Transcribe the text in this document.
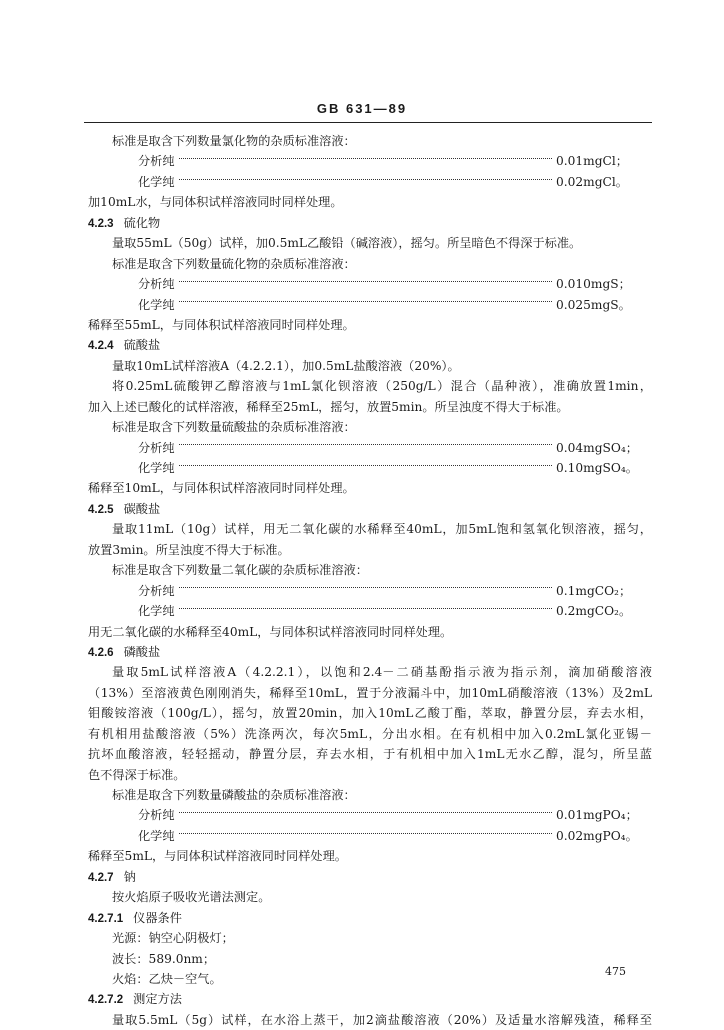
GB 631—89
标准是取含下列数量氯化物的杂质标准溶液：
分析纯	0.01mgCl；
化学纯	0.02mgCl。
加10mL水，与同体积试样溶液同时同样处理。
4.2.3 硫化物
量取55mL（50g）试样，加0.5mL乙酸铅（碱溶液），摇匀。所呈暗色不得深于标准。
标准是取含下列数量硫化物的杂质标准溶液：
分析纯	0.010mgS；
化学纯	0.025mgS。
稀释至55mL，与同体积试样溶液同时同样处理。
4.2.4 硫酸盐
量取10mL试样溶液A（4.2.2.1），加0.5mL盐酸溶液（20%）。
将0.25mL硫酸钾乙醇溶液与1mL氯化钡溶液（250g/L）混合（晶种液），准确放置1min，
加入上述已酸化的试样溶液，稀释至25mL，摇匀，放置5min。所呈浊度不得大于标准。
标准是取含下列数量硫酸盐的杂质标准溶液：
分析纯	0.04mgSO₄；
化学纯	0.10mgSO₄。
稀释至10mL，与同体积试样溶液同时同样处理。
4.2.5 碳酸盐
量取11mL（10g）试样，用无二氧化碳的水稀释至40mL，加5mL饱和氢氧化钡溶液，摇匀，
放置3min。所呈浊度不得大于标准。
标准是取含下列数量二氧化碳的杂质标准溶液：
分析纯	0.1mgCO₂；
化学纯	0.2mgCO₂。
用无二氧化碳的水稀释至40mL，与同体积试样溶液同时同样处理。
4.2.6 磷酸盐
量取5mL试样溶液A（4.2.2.1），以饱和2.4－二硝基酚指示液为指示剂，滴加硝酸溶液
（13%）至溶液黄色刚刚消失，稀释至10mL，置于分液漏斗中，加10mL硝酸溶液（13%）及2mL
钼酸铵溶液（100g/L），摇匀，放置20min，加入10mL乙酸丁酯，萃取，静置分层，弃去水相，
有机相用盐酸溶液（5%）洗涤两次，每次5mL，分出水相。在有机相中加入0.2mL氯化亚锡－
抗坏血酸溶液，轻轻摇动，静置分层，弃去水相，于有机相中加入1mL无水乙醇，混匀，所呈蓝
色不得深于标准。
标准是取含下列数量磷酸盐的杂质标准溶液：
分析纯	0.01mgPO₄；
化学纯	0.02mgPO₄。
稀释至5mL，与同体积试样溶液同时同样处理。
4.2.7 钠
按火焰原子吸收光谱法测定。
4.2.7.1 仪器条件
光源：钠空心阴极灯；
波长：589.0nm；
火焰：乙炔－空气。
4.2.7.2 测定方法
量取5.5mL（5g）试样，在水浴上蒸干，加2滴盐酸溶液（20%）及适量水溶解残渣，稀释至
475
